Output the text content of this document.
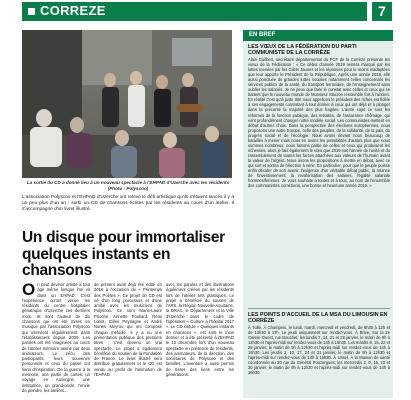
CORREZE	7
La sortie du CD a donné lieu à un nouveau spectacle à l'EHPAD d'Uzerche avec les résidents (Photo : Polyscoo)
L'association Polyscoo et l'EHPAD d'Uzerche ont relevé le défi artistique qu'ils s'étaient lancés il y a un peu plus d'un an : sortir un CD de chansons écrites par les résidents au cours d'un atelier. Il s'accompagne d'un livret illustré.
Un disque pour immortaliser quelques instants en chansons
O n peut devenir artiste à tout âge même lorsque l'on vit dans un EHPAD. C'est l'expérience qu'ont vécue les résidents du centre hospitalier gériatrique d'Uzerche ces derniers mois. Ils sont l'auteur de dix chansons qui ont été mises en musique par l'association Polyscoo qui intervient régulièrement dans l'établissement depuis 2009. Les paroles ont été imaginées au cours de l'atelier mémoire animé par deux animateurs. Le vécu des participants, leurs souvenirs personnels et ceux du passé ont servi d'inspiration. De la guerre à la mémoire, une partie de cartes, un voyage en Auvergne, une institutrice, un grand-oncle, l'envie de peindre, les ateliers...
de présent avait déjà été édité en 2016 à l'occasion de « Printemps des Poètes ». Ce projet de CD est né d'un long processus et d'une amitié avec les musiciens de Polyscoo. Ce sont Marie-Laure Prioche, Annette Pouliard, Rémi Loriot, Gilles Peyrlagne et André Nunes Meyrou qui ont composé chaque mélodie. Il y a eu une présentation publique des premiers titres ; c'est devenu un vrai spectacle. Le projet a également bénéficié du soutien de la Fondation de France. Le livret illustré sera distribué gratuitement et le CD est vendu au profit de l'animation de l'EHPAD.
avec les paroles et des illustrations également créées par les résidents lors de l'atelier arts plastiques. Le projet a bénéficié du soutien de l'ARS, la Région Nouvelle-Aquitaine, la DRAC, le Département et la Ville d'Uzerche dans le cadre de l'opération « Culture à l'hôpital 2017 ». Le CD intitulé « Quelques instants en chansons », est sorti le mois dernier et a été présenté à l'EHPAD le 10 décembre lors d'un nouveau spectacle en présence de résidents, des animateurs, de la direction, des sociétaires de Polyscoo et des familles. L'aventure a aussi permis de tisser des liens entre les générations.
EN BREF
LES VŒUX DE LA FÉDÉRATION DU PARTI COMMUNISTE DE LA CORRÈZE
Alain Guilbert, secrétaire départemental du PCF de la Corrèze présente les vœux de la Fédération : « Ce début d'année 2019 restera marqué par les luttes menées par les Gilets Jaunes et les réponses pour le moins inadaptées que leur apporte le Président de la République. Après une année 2018, elle aussi ponctuée de grandes luttes sociales notamment celles concernant les services publics de la santé, du transport ferroviaire, de l'enseignement sans oublier les salariés. Je ne peux que faire le constat avec celles et ceux qui se battent que le nouveau monde de Monsieur Macron ressemble fort à l'ancien. En réalité c'est qu'à juste titre nous appelions le président des riches est fidèle à ses engagements consistant à tout donner à ceux qui ont déjà et à plonger dans la précarité la majorité des plus fragiles. L'autre sujet ce sont les réformes de la fonction publique, des retraites, de l'assurance chômage, qui vont profondément changer notre modèle social. Les communistes mettent en débat d'autres choix. Dans la perspective des élections européennes, nous proposons une autre Europe, celle des peuples, de la solidarité, de la paix, du progrès social et de l'écologie. Nous avons devant nous beaucoup de batailles à mener mais nous en avons les possibilités d'autant plus que nous sommes nombreux, nous faisons partie de celles et ceux qui produisent les richesses, alors je fais également le vœu que 2019 soit l'année de l'unité et du rassemblement de toutes les forces attachées aux valeurs de l'humain avant la valeur de l'argent. Nous avons les propositions à mettre en débat, avec ce qui sort et sortira de l'élection à venir. En particulier, pour que le peuple puisse enfin décider de son avenir, l'exigence d'un véritable débat public, la relance de l'investissement, la revalorisation des salaires, l'égalité salariale hommes/femmes. Je vous souhaite à toutes et à tous, au nom de l'ensemble des communistes corréziens, une bonne et heureuse année 2019. »
LES POINTS D'ACCUEIL DE LA MSA DU LIMOUSIN EN CORRÈZE
À Tulle, À Champeix, le lundi, mardi, mercredi et vendredi, de 8h30 à 12h et de 13h30 à 17h. Le jeudi uniquement sur rendez-vous. À Brive, Sur la 2e Caisse Ouest, rue Bouchet, les lundis 7, 14, 21 et 28 janvier, le matin de 9h à 12h30 et l'après-midi sur rendez-vous de 14h à 16h30. Les mardis 8, 15, 22 et 29 janvier, le matin de 9h à 12h30 et l'après-midi sur rendez-vous de 14h à 16h30. Les jeudis 3, 10, 17, 24 et 31 janvier, le matin de 9h à 12h30 et l'après-midi sur rendez-vous de 14h à 16h30. À Ussel, À la Maison de santé coordonnée au 20 rue du Général Pouzergues, les mercredis 2, 9, 16, 23 et 30 janvier, le matin de 9h à 12h30 et l'après-midi sur rendez-vous de 14h à 16h30.
